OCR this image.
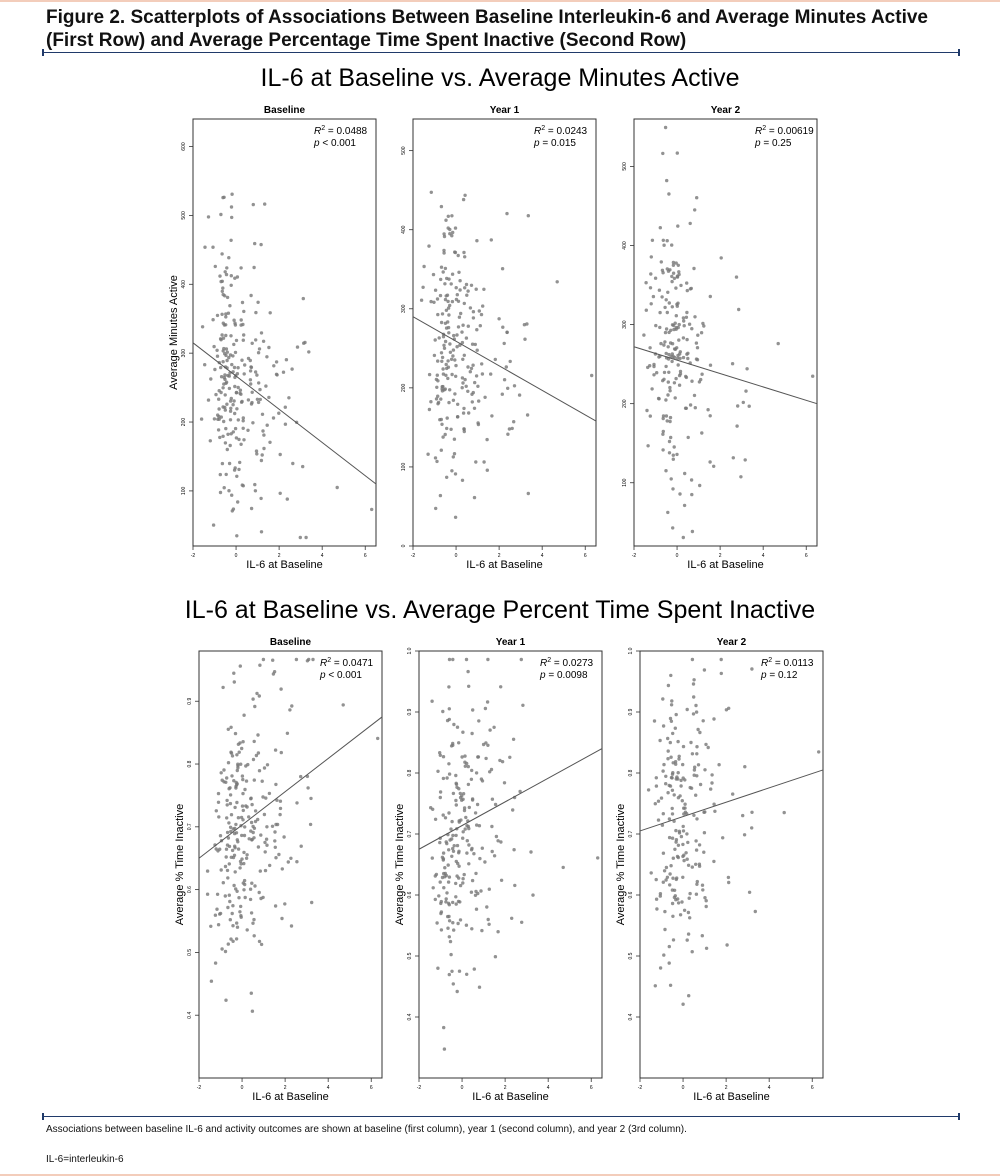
Figure 2. Scatterplots of Associations Between Baseline Interleukin-6 and Average Minutes Active (First Row) and Average Percentage Time Spent Inactive (Second Row)
IL-6 at Baseline vs. Average Minutes Active
IL-6 at Baseline vs. Average Percent Time Spent Inactive
Baseline
-2	0	2	4	6
100
200
300
400
500
600
IL-6 at Baseline
Average Minutes Active
$R^2 = 0.0488$
p < 0.001
Year 1
-2	0	2	4	6
0
100
200
300
400
500
IL-6 at Baseline
$R^2 = 0.0243$
p = 0.015
Year 2
-2	0	2	4	6
100
200
300
400
500
IL-6 at Baseline
$R^2 = 0.00619$
p = 0.25
Baseline
-2	0	2	4	6
0.4
0.5
0.6
0.7
0.8
0.9
IL-6 at Baseline
Average % Time Inactive
$R^2 = 0.0471$
p < 0.001
Year 1
-2	0	2	4	6
0.4
0.5
0.6
0.7
0.8
0.9
1.0
IL-6 at Baseline
Average % Time Inactive
$R^2 = 0.0273$
p = 0.0098
Year 2
-2	0	2	4	6
0.4
0.5
0.6
0.7
0.8
0.9
1.0
IL-6 at Baseline
Average % Time Inactive
$R^2 = 0.0113$
p = 0.12
Associations between baseline IL-6 and activity outcomes are shown at baseline (first column), year 1 (second column), and year 2 (3rd column).
IL-6=interleukin-6
